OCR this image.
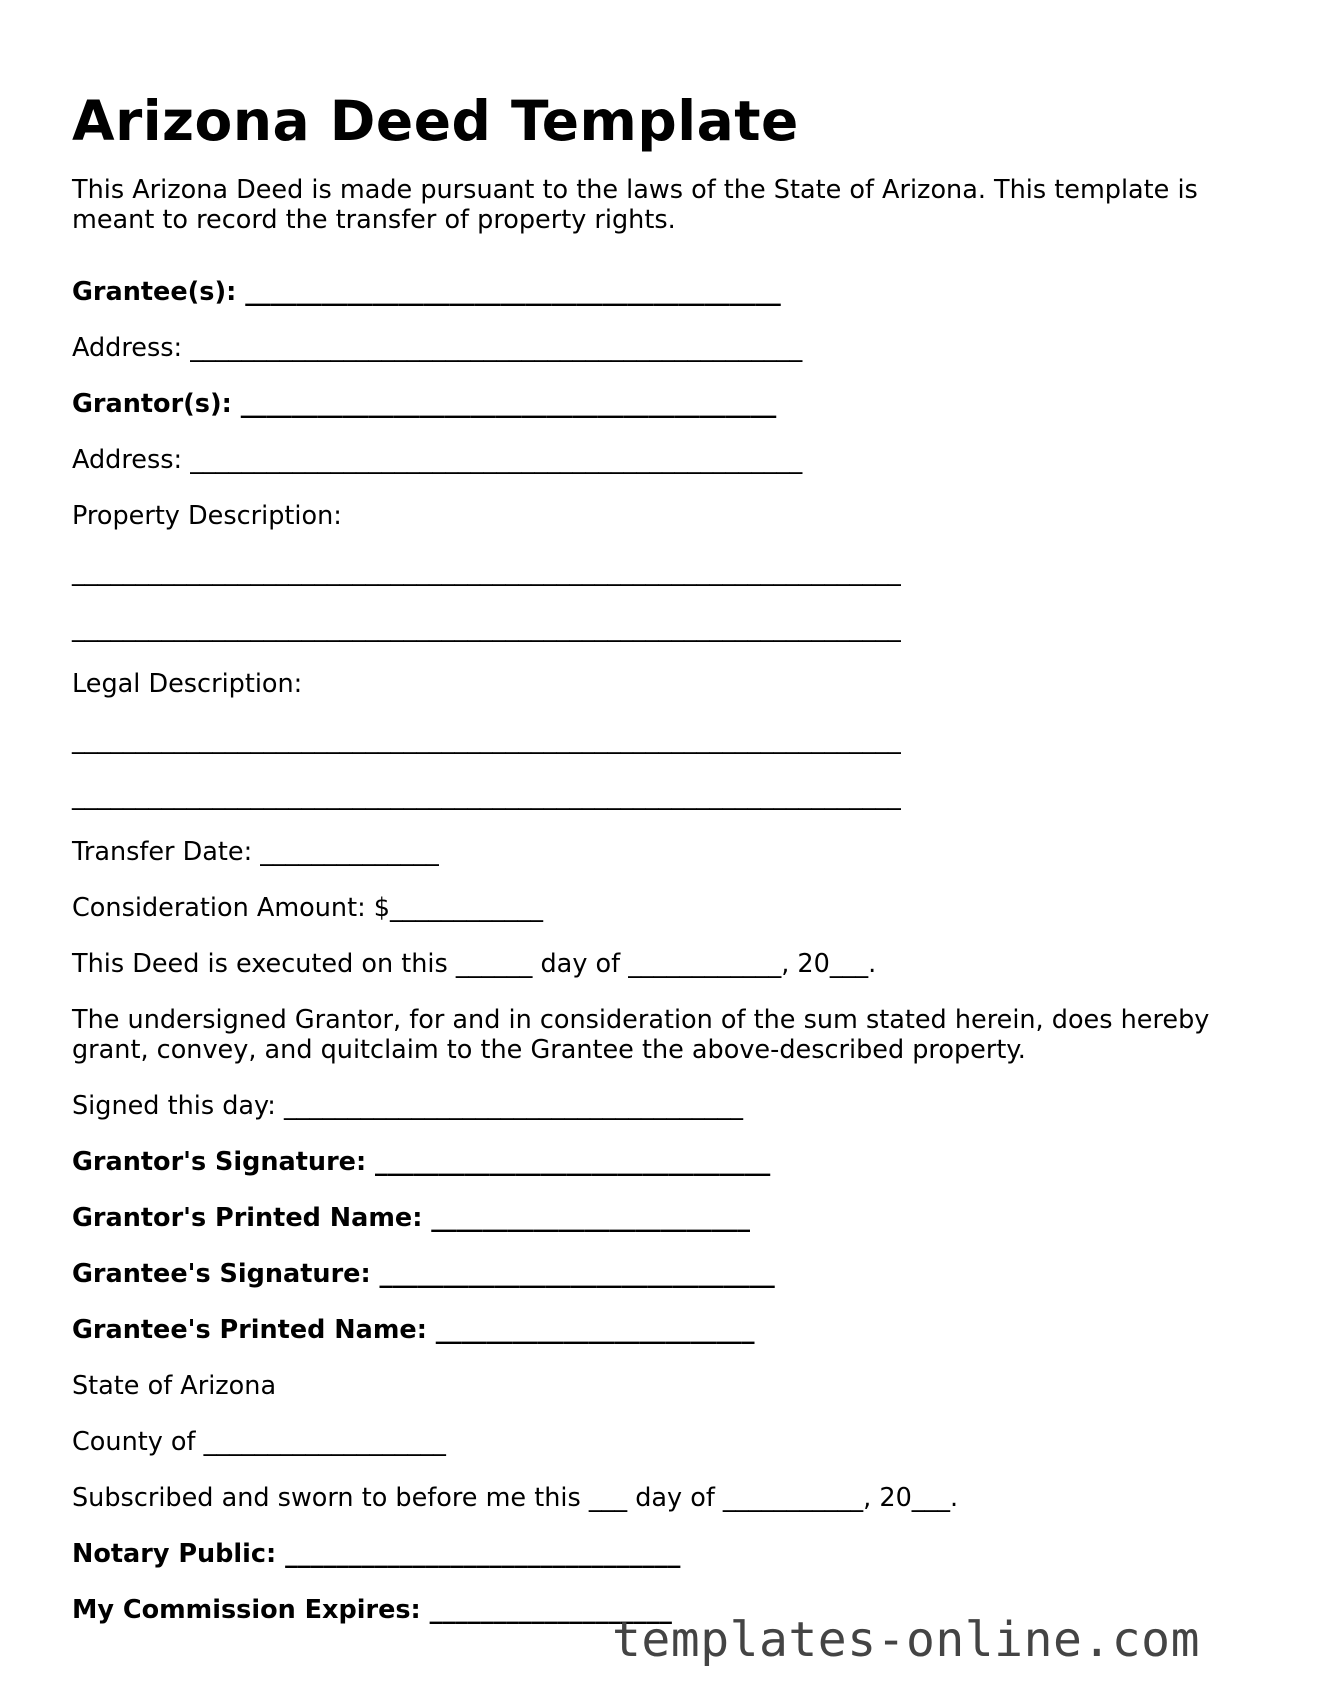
Arizona Deed Template
This Arizona Deed is made pursuant to the laws of the State of Arizona. This template is
meant to record the transfer of property rights.
Grantee(s): __________________________________________
Address: ________________________________________________
Grantor(s): __________________________________________
Address: ________________________________________________
Property Description:
_________________________________________________________________
_________________________________________________________________
Legal Description:
_________________________________________________________________
_________________________________________________________________
Transfer Date: ______________
Consideration Amount: $____________
This Deed is executed on this ______ day of ____________, 20___.
The undersigned Grantor, for and in consideration of the sum stated herein, does hereby
grant, convey, and quitclaim to the Grantee the above-described property.
Signed this day: ____________________________________
Grantor's Signature: _______________________________
Grantor's Printed Name: _________________________
Grantee's Signature: _______________________________
Grantee's Printed Name: _________________________
State of Arizona
County of ___________________
Subscribed and sworn to before me this ___ day of ___________, 20___.
Notary Public: _______________________________
My Commission Expires: ___________________
templates-online.com
